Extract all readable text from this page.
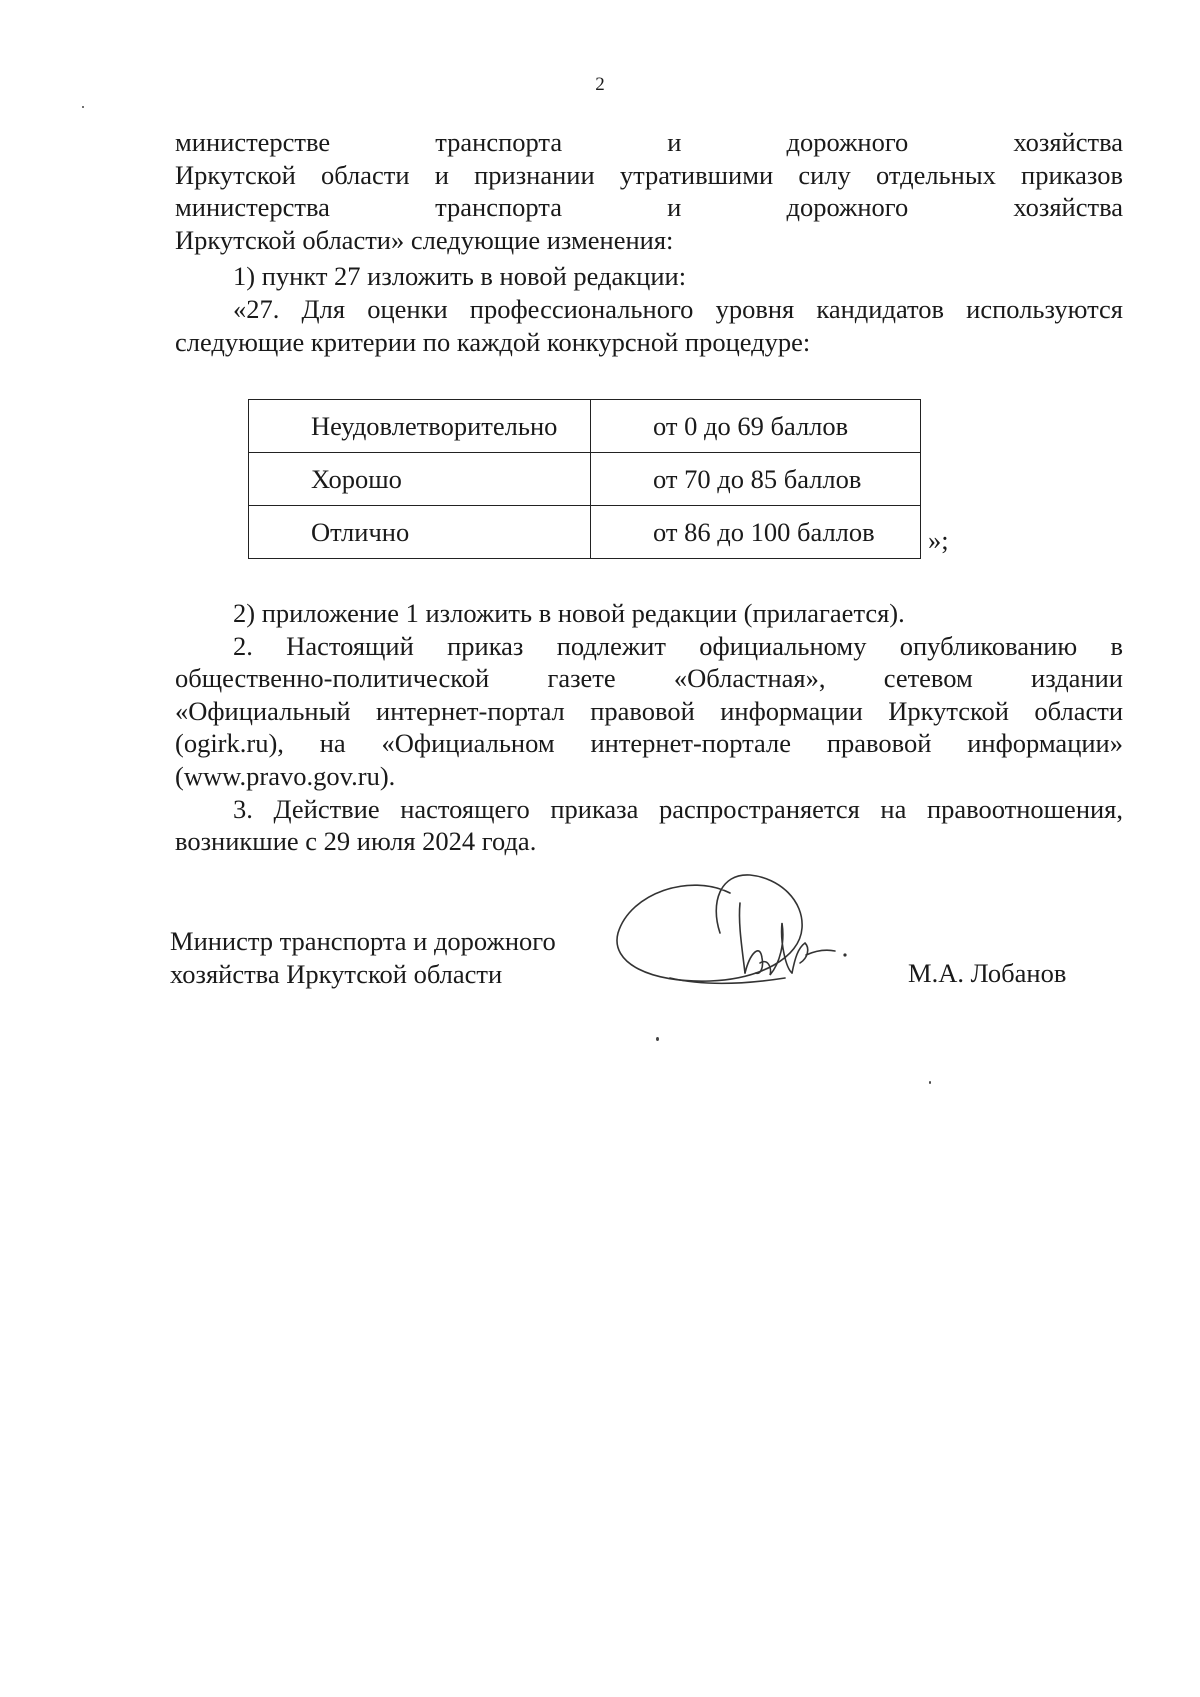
2

министерстве транспорта и дорожного хозяйства

Иркутской области и признании утратившими силу отдельных приказов

министерства транспорта и дорожного хозяйства

Иркутской области» следующие изменения:

1) пункт 27 изложить в новой редакции:

«27. Для оценки профессионального уровня кандидатов используются

следующие критерии по каждой конкурсной процедуре:

Неудовлетворительно	от 0 до 69 баллов
Хорошо	от 70 до 85 баллов
Отлично	от 86 до 100 баллов »;

2) приложение 1 изложить в новой редакции (прилагается).

2. Настоящий приказ подлежит официальному опубликованию в

общественно-политической газете «Областная», сетевом издании

«Официальный интернет-портал правовой информации Иркутской области

(ogirk.ru), на «Официальном интернет-портале правовой информации»

(www.pravo.gov.ru).

3. Действие настоящего приказа распространяется на правоотношения,

возникшие с 29 июля 2024 года.

Министр транспорта и дорожного
хозяйства Иркутской области	М.А. Лобанов
